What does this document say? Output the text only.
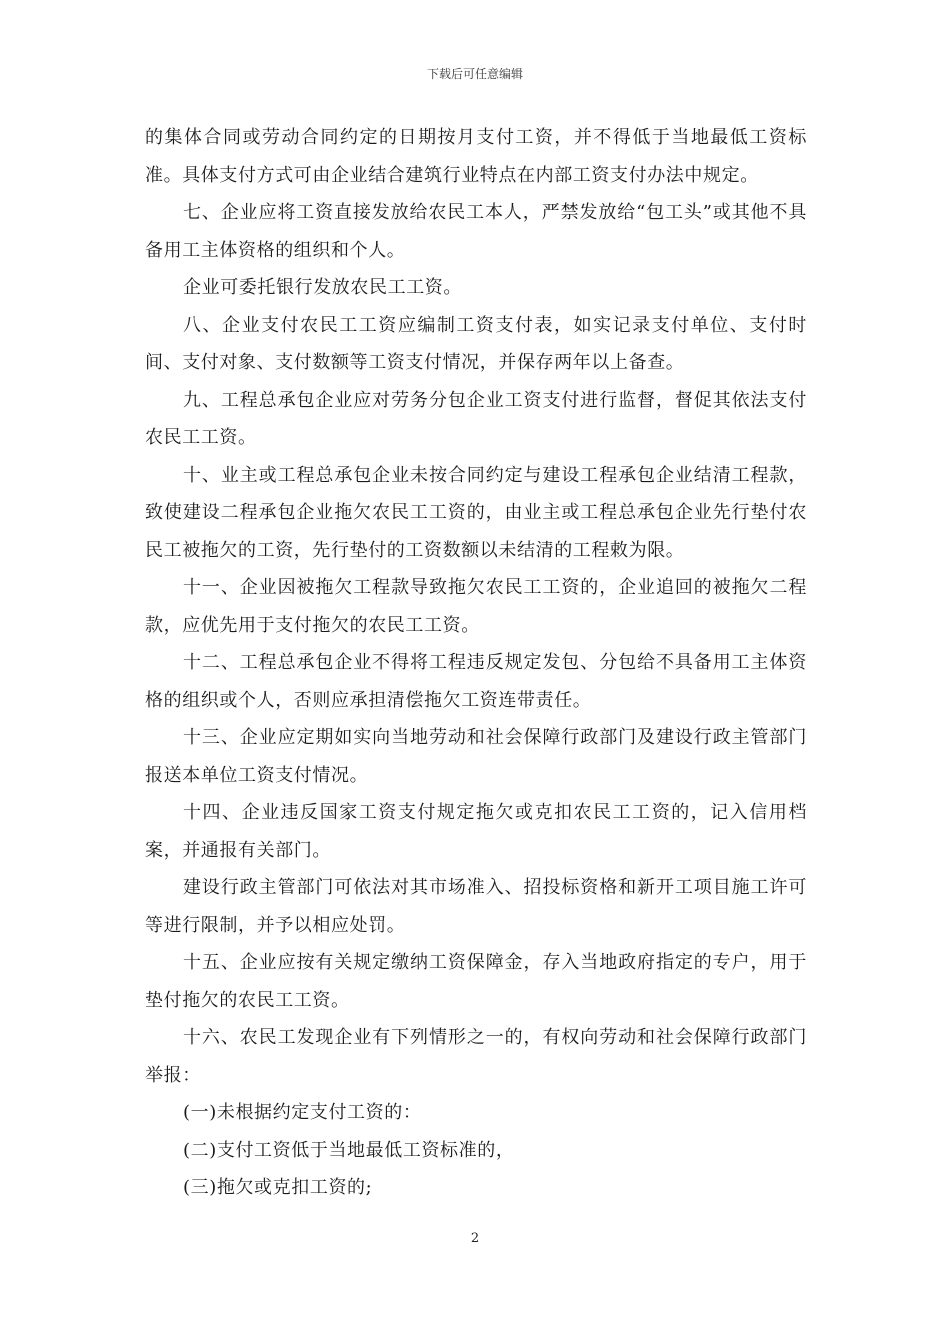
下载后可任意编辑

的集体合同或劳动合同约定的日期按月支付工资，并不得低于当地最低工资标准。具体支付方式可由企业结合建筑行业特点在内部工资支付办法中规定。

七、企业应将工资直接发放给农民工本人，严禁发放给“包工头”或其他不具备用工主体资格的组织和个人。

企业可委托银行发放农民工工资。

八、企业支付农民工工资应编制工资支付表，如实记录支付单位、支付时间、支付对象、支付数额等工资支付情况，并保存两年以上备查。

九、工程总承包企业应对劳务分包企业工资支付进行监督，督促其依法支付农民工工资。

十、业主或工程总承包企业未按合同约定与建设工程承包企业结清工程款，致使建设二程承包企业拖欠农民工工资的，由业主或工程总承包企业先行垫付农民工被拖欠的工资，先行垫付的工资数额以未结清的工程敕为限。

十一、企业因被拖欠工程款导致拖欠农民工工资的，企业追回的被拖欠二程款，应优先用于支付拖欠的农民工工资。

十二、工程总承包企业不得将工程违反规定发包、分包给不具备用工主体资格的组织或个人，否则应承担清偿拖欠工资连带责任。

十三、企业应定期如实向当地劳动和社会保障行政部门及建设行政主管部门报送本单位工资支付情况。

十四、企业违反国家工资支付规定拖欠或克扣农民工工资的，记入信用档案，并通报有关部门。

建设行政主管部门可依法对其市场准入、招投标资格和新开工项目施工许可等进行限制，并予以相应处罚。

十五、企业应按有关规定缴纳工资保障金，存入当地政府指定的专户，用于垫付拖欠的农民工工资。

十六、农民工发现企业有下列情形之一的，有权向劳动和社会保障行政部门举报：

(一)未根据约定支付工资的：

(二)支付工资低于当地最低工资标准的，

(三)拖欠或克扣工资的;

2
